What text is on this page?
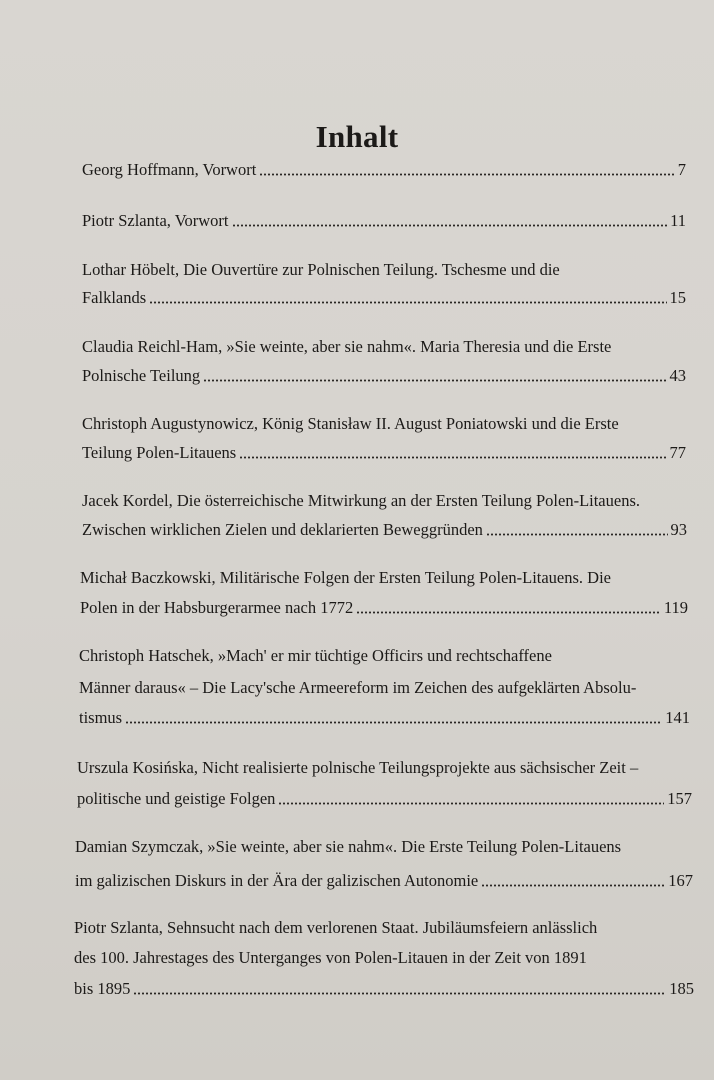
Inhalt
Georg Hoffmann, Vorwort	7
Piotr Szlanta, Vorwort	11
Lothar Höbelt, Die Ouvertüre zur Polnischen Teilung. Tschesme und die
Falklands	15
Claudia Reichl-Ham, »Sie weinte, aber sie nahm«. Maria Theresia und die Erste
Polnische Teilung	43
Christoph Augustynowicz, König Stanisław II. August Poniatowski und die Erste
Teilung Polen-Litauens	77
Jacek Kordel, Die österreichische Mitwirkung an der Ersten Teilung Polen-Litauens.
Zwischen wirklichen Zielen und deklarierten Beweggründen	93
Michał Baczkowski, Militärische Folgen der Ersten Teilung Polen-Litauens. Die
Polen in der Habsburgerarmee nach 1772	119
Christoph Hatschek, »Mach' er mir tüchtige Officirs und rechtschaffene
Männer daraus« – Die Lacy'sche Armeereform im Zeichen des aufgeklärten Absolu-
tismus	141
Urszula Kosińska, Nicht realisierte polnische Teilungsprojekte aus sächsischer Zeit –
politische und geistige Folgen	157
Damian Szymczak, »Sie weinte, aber sie nahm«. Die Erste Teilung Polen-Litauens
im galizischen Diskurs in der Ära der galizischen Autonomie	167
Piotr Szlanta, Sehnsucht nach dem verlorenen Staat. Jubiläumsfeiern anlässlich
des 100. Jahrestages des Unterganges von Polen-Litauen in der Zeit von 1891
bis 1895	185
